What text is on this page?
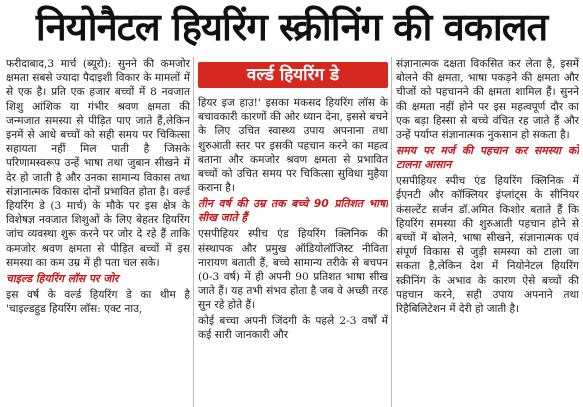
नियोनैटल हियरिंग स्क्रीनिंग की वकालत
वर्ल्ड हियरिंग डे

फरीदाबाद,3 मार्च (ब्यूरो): सुनने की कमजोर क्षमता सबसे ज्यादा पैदाइशी विकार के मामलों में से एक है। प्रति एक हजार बच्चों में 8 नवजात शिशु आंशिक या गंभीर श्रवण क्षमता की जन्मजात समस्या से पीड़ित पाए जाते हैं,लेकिन इनमें से आधे बच्चों को सही समय पर चिकित्सा सहायता नहीं मिल पाती है जिसके परिणामस्वरूप उन्हें भाषा तथा जुबान सीखने में देर हो जाती है और उनका सामान्य विकास तथा संज्ञानात्मक विकास दोनों प्रभावित होता है। वर्ल्ड हियरिंग डे (3 मार्च) के मौके पर इस क्षेत्र के विशेषज्ञ नवजात शिशुओं के लिए बेहतर हियरिंग जांच व्यवस्था शुरू करने पर जोर दे रहे हैं ताकि कमजोर श्रवण क्षमता से पीड़ित बच्चों में इस समस्या का कम उम्र में ही पता चल सके।

चाइल्ड हियरिंग लॉस पर जोर

इस वर्ष के वर्ल्ड हियरिंग डे का थीम है 'चाइल्डहुड हियरिंग लॉस: एक्ट नाउ,

हियर इज हाउ!' इसका मकसद हियरिंग लॉस के बचावकारी कारणों की ओर ध्यान देना, इससे बचने के लिए उचित स्वास्थ्य उपाय अपनाना तथा शुरुआती स्तर पर इसकी पहचान करने का महत्व बताना और कमजोर श्रवण क्षमता से प्रभावित बच्चों को उचित समय पर चिकित्सा सुविधा मुहैया कराना है।

तीन वर्ष की उम्र तक बच्चे 90 प्रतिशत भाषा सीख जाते हैं

एसपीहियर स्पीच एंड हियरिंग क्लिनिक की संस्थापक और प्रमुख ऑडियोलॉजिस्ट नीविता नारायण बताती हैं, बच्चे सामान्य तरीके से बचपन (0-3 वर्ष) में ही अपनी 90 प्रतिशत भाषा सीख जाते हैं। यह तभी संभव होता है जब वे अच्छी तरह सुन रहे होते हैं।

कोई बच्चा अपनी जिंदगी के पहले 2-3 वर्षों में कई सारी जानकारी और

संज्ञानात्मक दक्षता विकसित कर लेता है, इसमें बोलने की क्षमता, भाषा पकड़ने की क्षमता और चीजों को पहचानने की क्षमता शामिल हैं। सुनने की क्षमता नहीं होने पर इस महत्वपूर्ण दौर का एक बड़ा हिस्सा से बच्चे वंचित रह जाते हैं और उन्हें पर्याप्त संज्ञानात्मक नुकसान हो सकता है।

समय पर मर्ज की पहचान कर समस्या को टालना आसान

एसपीहियर स्पीच एंड हियरिंग क्लिनिक में ईएनटी और कॉक्लियर इंप्लांट्स के सीनियर कंसल्टेंट सर्जन डॉ.अमित किशोर बताते हैं कि हियरिंग समस्या की शुरुआती पहचान होने से बच्चों में बोलने, भाषा सीखने, संज्ञानात्मक एवं संपूर्ण विकास से जुड़ी समस्या को टाला जा सकता है,लेकिन देश में नियोनेटल हियरिंग स्क्रीनिंग के अभाव के कारण ऐसे बच्चों की पहचान करने, सही उपाय अपनाने तथा रिहैबिलिटेशन में देरी हो जाती है।
